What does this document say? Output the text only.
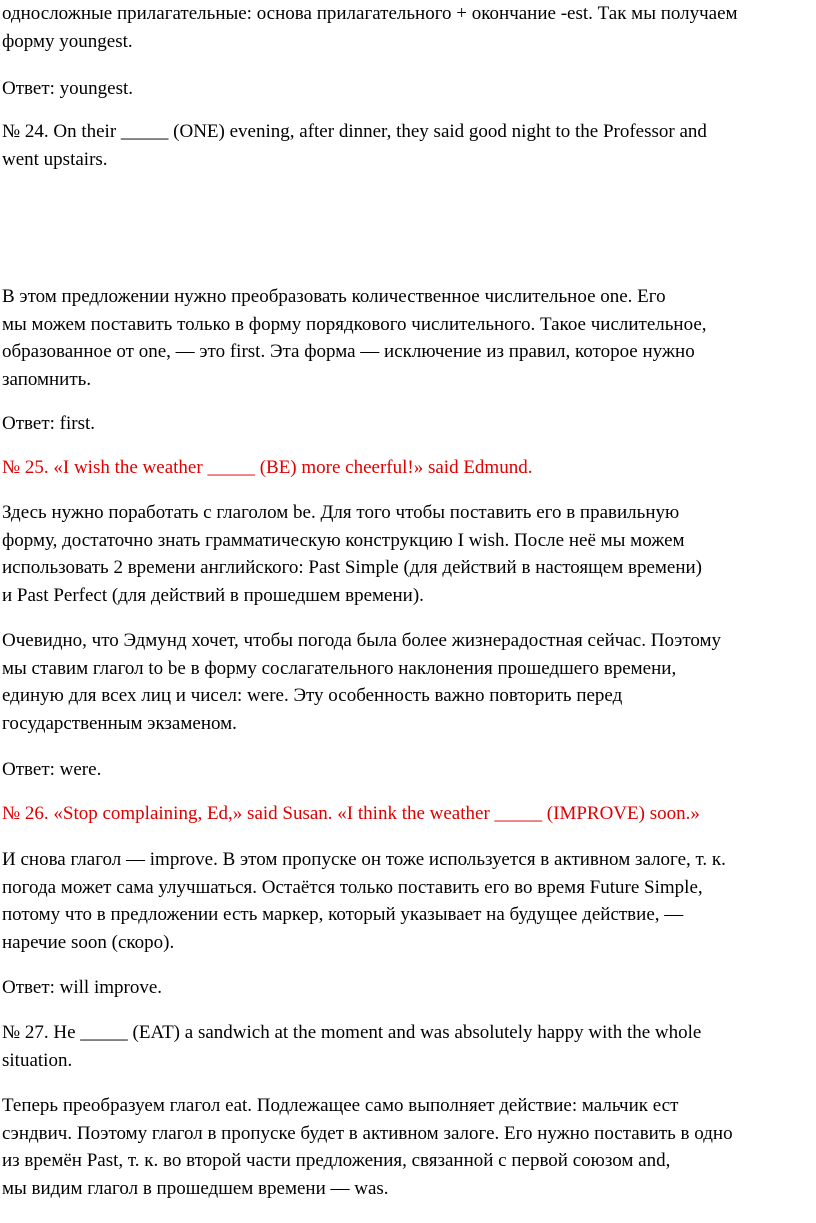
односложные прилагательные: основа прилагательного + окончание -est. Так мы получаем
форму youngest.

Ответ: youngest.

№ 24. On their _____ (ONE) evening, after dinner, they said good night to the Professor and
went upstairs.

В этом предложении нужно преобразовать количественное числительное one. Его
мы можем поставить только в форму порядкового числительного. Такое числительное,
образованное от one, — это first. Эта форма — исключение из правил, которое нужно
запомнить.

Ответ: first.

№ 25. «I wish the weather _____ (BE) more cheerful!» said Edmund.

Здесь нужно поработать с глаголом be. Для того чтобы поставить его в правильную
форму, достаточно знать грамматическую конструкцию I wish. После неё мы можем
использовать 2 времени английского: Past Simple (для действий в настоящем времени)
и Past Perfect (для действий в прошедшем времени).

Очевидно, что Эдмунд хочет, чтобы погода была более жизнерадостная сейчас. Поэтому
мы ставим глагол to be в форму сослагательного наклонения прошедшего времени,
единую для всех лиц и чисел: were. Эту особенность важно повторить перед
государственным экзаменом.

Ответ: were.

№ 26. «Stop complaining, Ed,» said Susan. «I think the weather _____ (IMPROVE) soon.»

И снова глагол — improve. В этом пропуске он тоже используется в активном залоге, т. к.
погода может сама улучшаться. Остаётся только поставить его во время Future Simple,
потому что в предложении есть маркер, который указывает на будущее действие, —
наречие soon (скоро).

Ответ: will improve.

№ 27. He _____ (EAT) a sandwich at the moment and was absolutely happy with the whole
situation.

Теперь преобразуем глагол eat. Подлежащее само выполняет действие: мальчик ест
сэндвич. Поэтому глагол в пропуске будет в активном залоге. Его нужно поставить в одно
из времён Past, т. к. во второй части предложения, связанной с первой союзом and,
мы видим глагол в прошедшем времени — was.
